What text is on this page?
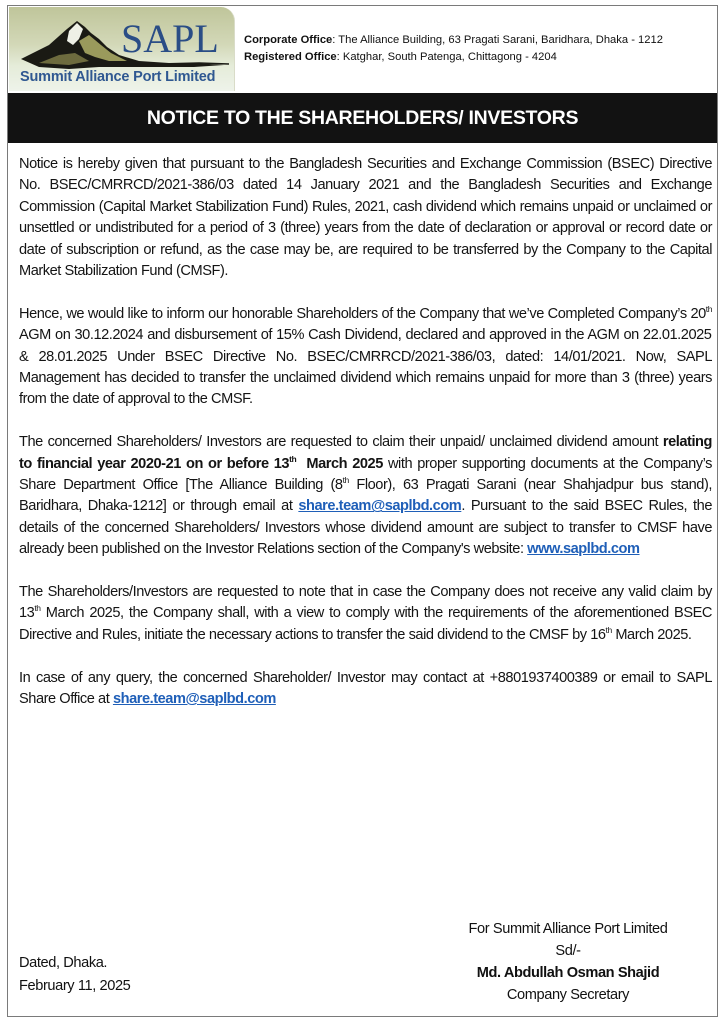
SAPL
Summit Alliance Port Limited
Corporate Office: The Alliance Building, 63 Pragati Sarani, Baridhara, Dhaka - 1212
Registered Office: Katghar, South Patenga, Chittagong - 4204
NOTICE TO THE SHAREHOLDERS/ INVESTORS

Notice is hereby given that pursuant to the Bangladesh Securities and Exchange Commission (BSEC) Directive No. BSEC/CMRRCD/2021-386/03 dated 14 January 2021 and the Bangladesh Securities and Exchange Commission (Capital Market Stabilization Fund) Rules, 2021, cash dividend which remains unpaid or unclaimed or unsettled or undistributed for a period of 3 (three) years from the date of declaration or approval or record date or date of subscription or refund, as the case may be, are required to be transferred by the Company to the Capital Market Stabilization Fund (CMSF).

Hence, we would like to inform our honorable Shareholders of the Company that we’ve Completed Company’s 20th AGM on 30.12.2024 and disbursement of 15% Cash Dividend, declared and approved in the AGM on 22.01.2025 & 28.01.2025 Under BSEC Directive No. BSEC/CMRRCD/2021-386/03, dated: 14/01/2021. Now, SAPL Management has decided to transfer the unclaimed dividend which remains unpaid for more than 3 (three) years from the date of approval to the CMSF.

The concerned Shareholders/ Investors are requested to claim their unpaid/ unclaimed dividend amount relating to financial year 2020-21 on or before 13th  March 2025 with proper supporting documents at the Company’s Share Department Office [The Alliance Building (8th Floor), 63 Pragati Sarani (near Shahjadpur bus stand), Baridhara, Dhaka-1212] or through email at share.team@saplbd.com. Pursuant to the said BSEC Rules, the details of the concerned Shareholders/ Investors whose dividend amount are subject to transfer to CMSF have already been published on the Investor Relations section of the Company's website: www.saplbd.com

The Shareholders/Investors are requested to note that in case the Company does not receive any valid claim by 13th March 2025, the Company shall, with a view to comply with the requirements of the aforementioned BSEC Directive and Rules, initiate the necessary actions to transfer the said dividend to the CMSF by 16th March 2025.

In case of any query, the concerned Shareholder/ Investor may contact at +8801937400389 or email to SAPL Share Office at share.team@saplbd.com

Dated, Dhaka.
February 11, 2025
For Summit Alliance Port Limited
Sd/-
Md. Abdullah Osman Shajid
Company Secretary
